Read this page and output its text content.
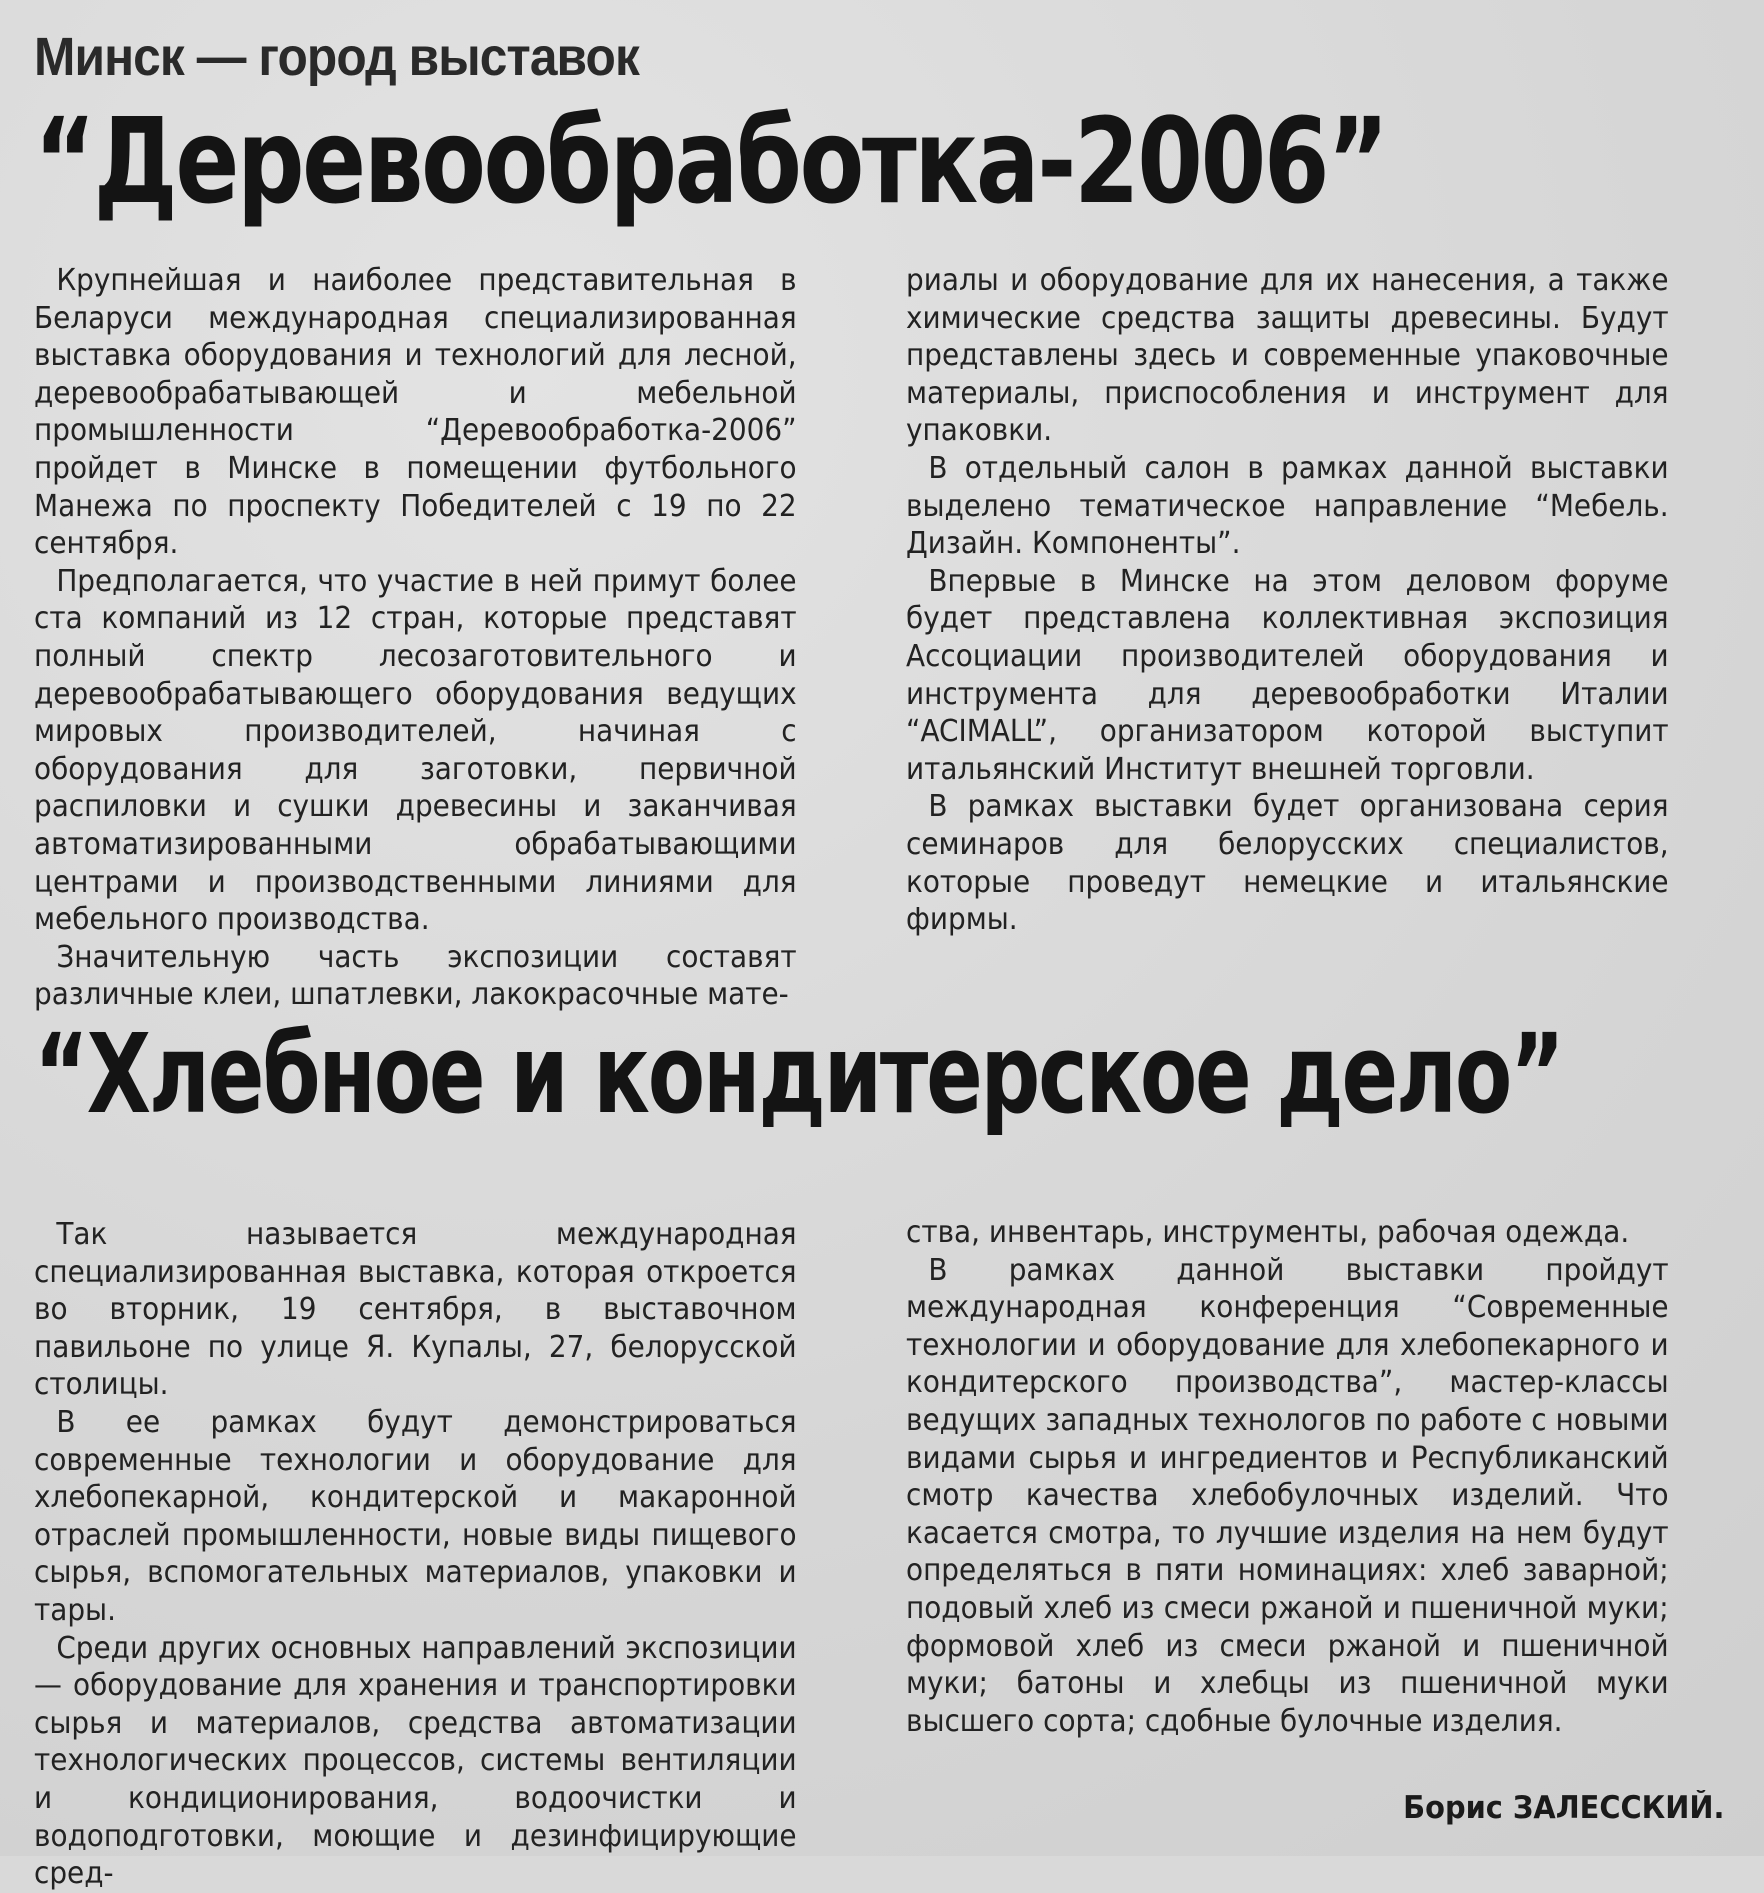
Минск — город выставок
“Деревообработка-2006”

Крупнейшая и наиболее представительная в Беларуси международная специализированная выставка оборудования и технологий для лесной, деревообрабатывающей и мебельной промышленности “Деревообработка-2006” пройдет в Минске в помещении футбольного Манежа по проспекту Победителей с 19 по 22 сентября.

Предполагается, что участие в ней примут более ста компаний из 12 стран, которые представят полный спектр лесозаготовительного и деревообрабатывающего оборудования ведущих мировых производителей, начиная с оборудования для заготовки, первичной распиловки и сушки древесины и заканчивая автоматизированными обрабатывающими центрами и производственными линиями для мебельного производства.

Значительную часть экспозиции составят различные клеи, шпатлевки, лакокрасочные мате-

риалы и оборудование для их нанесения, а также химические средства защиты древесины. Будут представлены здесь и современные упаковочные материалы, приспособления и инструмент для упаковки.

В отдельный салон в рамках данной выставки выделено тематическое направление “Мебель. Дизайн. Компоненты”.

Впервые в Минске на этом деловом форуме будет представлена коллективная экспозиция Ассоциации производителей оборудования и инструмента для деревообработки Италии “ACIMALL”, организатором которой выступит итальянский Институт внешней торговли.

В рамках выставки будет организована серия семинаров для белорусских специалистов, которые проведут немецкие и итальянские фирмы.

“Хлебное и кондитерское дело”

Так называется международная специализированная выставка, которая откроется во вторник, 19 сентября, в выставочном павильоне по улице Я. Купалы, 27, белорусской столицы.

В ее рамках будут демонстрироваться современные технологии и оборудование для хлебопекарной, кондитерской и макаронной отраслей промышленности, новые виды пищевого сырья, вспомогательных материалов, упаковки и тары.

Среди других основных направлений экспозиции — оборудование для хранения и транспортировки сырья и материалов, средства автоматизации технологических процессов, системы вентиляции и кондиционирования, водоочистки и водоподготовки, моющие и дезинфицирующие сред-

ства, инвентарь, инструменты, рабочая одежда.

В рамках данной выставки пройдут международная конференция “Современные технологии и оборудование для хлебопекарного и кондитерского производства”, мастер-классы ведущих западных технологов по работе с новыми видами сырья и ингредиентов и Республиканский смотр качества хлебобулочных изделий. Что касается смотра, то лучшие изделия на нем будут определяться в пяти номинациях: хлеб заварной; подовый хлеб из смеси ржаной и пшеничной муки; формовой хлеб из смеси ржаной и пшеничной муки; батоны и хлебцы из пшеничной муки высшего сорта; сдобные булочные изделия.

Борис ЗАЛЕССКИЙ.
